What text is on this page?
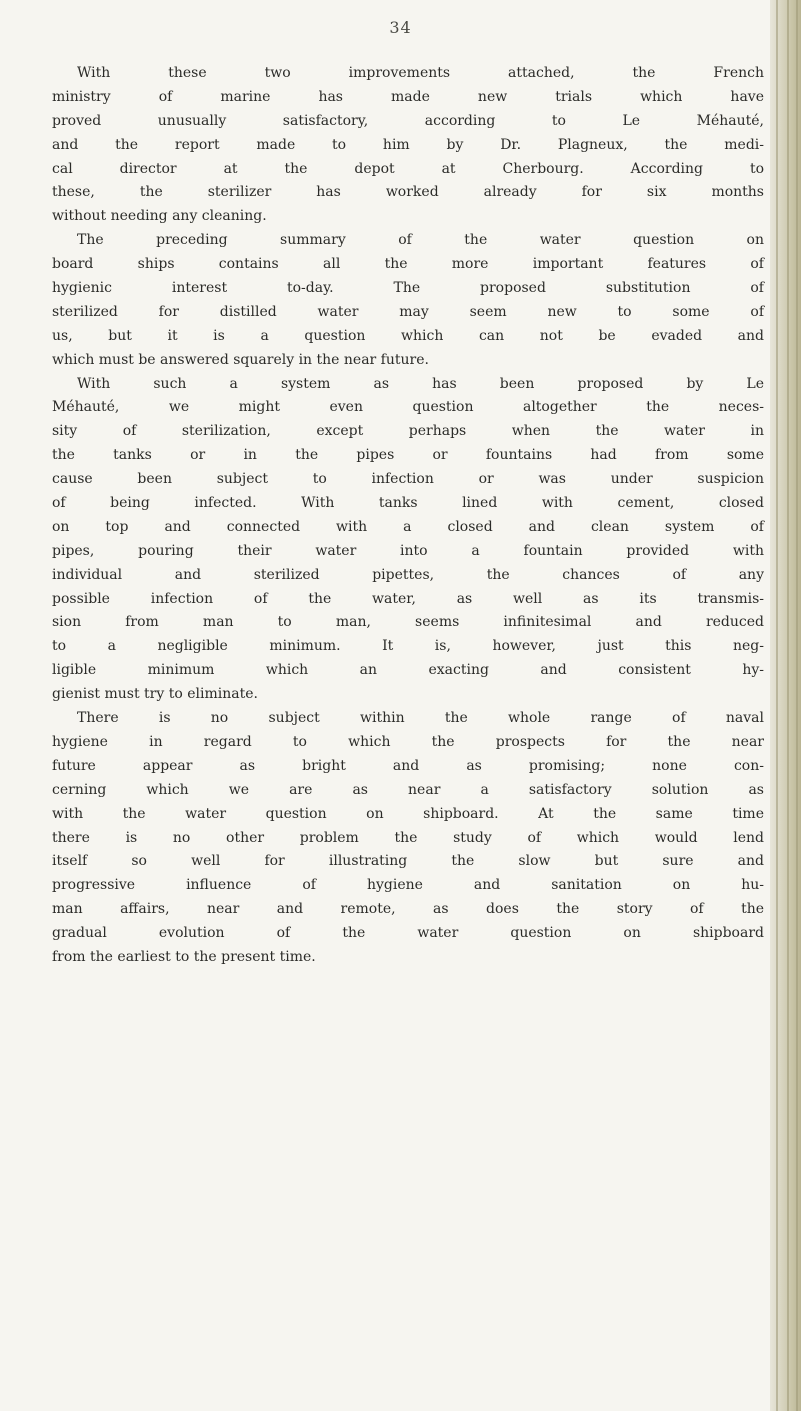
34
With these two improvements attached, the French
ministry of marine has made new trials which have
proved unusually satisfactory, according to Le Méhauté,
and the report made to him by Dr. Plagneux, the medi-
cal director at the depot at Cherbourg. According to
these, the sterilizer has worked already for six months
without needing any cleaning.
The preceding summary of the water question on
board ships contains all the more important features of
hygienic interest to-day. The proposed substitution of
sterilized for distilled water may seem new to some of
us, but it is a question which can not be evaded and
which must be answered squarely in the near future.
With such a system as has been proposed by Le
Méhauté, we might even question altogether the neces-
sity of sterilization, except perhaps when the water in
the tanks or in the pipes or fountains had from some
cause been subject to infection or was under suspicion
of being infected. With tanks lined with cement, closed
on top and connected with a closed and clean system of
pipes, pouring their water into a fountain provided with
individual and sterilized pipettes, the chances of any
possible infection of the water, as well as its transmis-
sion from man to man, seems infinitesimal and reduced
to a negligible minimum. It is, however, just this neg-
ligible minimum which an exacting and consistent hy-
gienist must try to eliminate.
There is no subject within the whole range of naval
hygiene in regard to which the prospects for the near
future appear as bright and as promising; none con-
cerning which we are as near a satisfactory solution as
with the water question on shipboard. At the same time
there is no other problem the study of which would lend
itself so well for illustrating the slow but sure and
progressive influence of hygiene and sanitation on hu-
man affairs, near and remote, as does the story of the
gradual evolution of the water question on shipboard
from the earliest to the present time.
